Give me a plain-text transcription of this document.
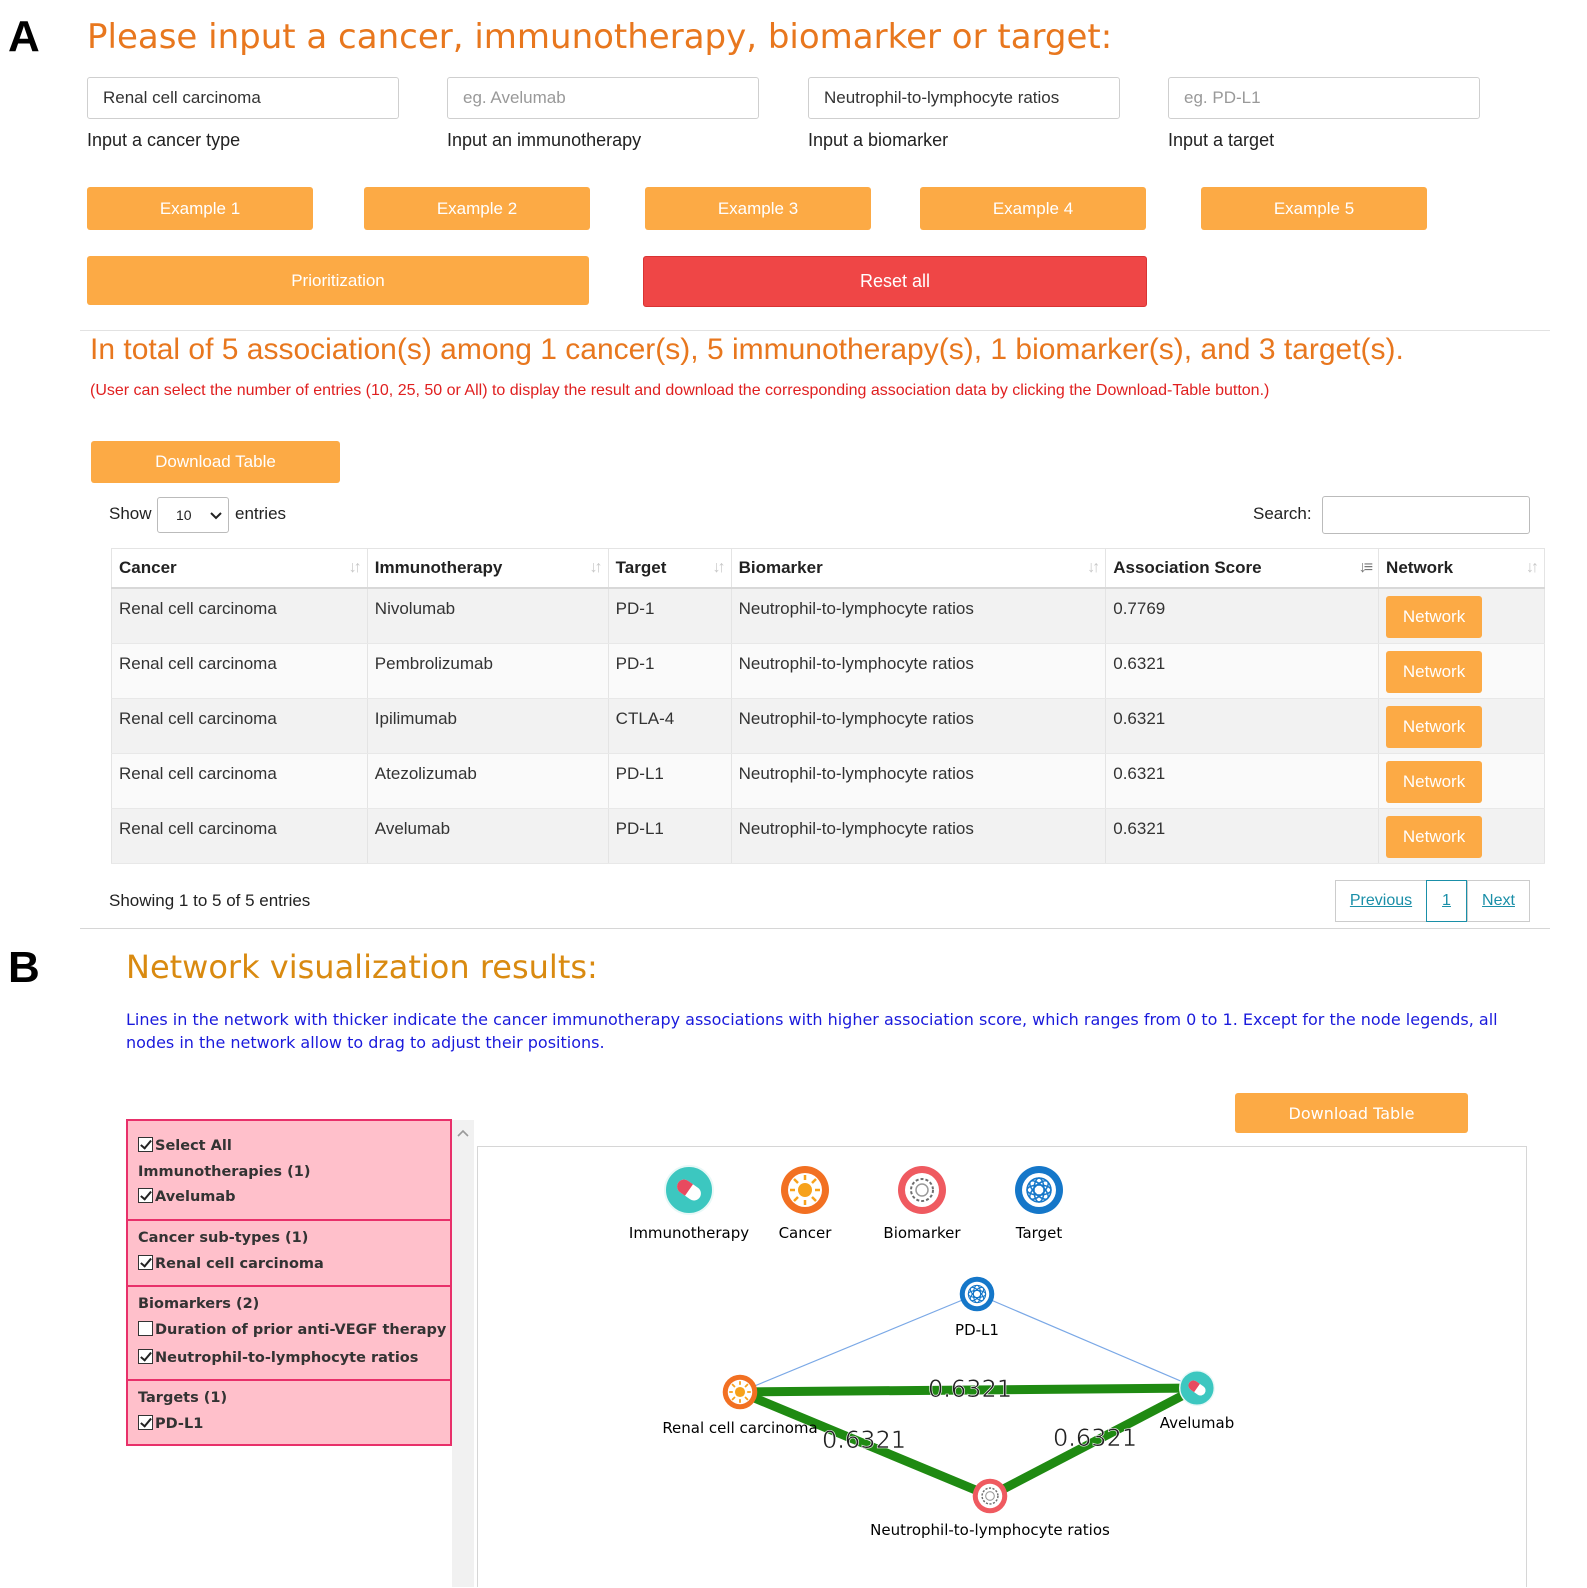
A Please input a cancer, immunotherapy, biomarker or target:
Renal cell carcinoma
eg. Avelumab
Neutrophil-to-lymphocyte ratios
eg. PD-L1
Input a cancer type	Input an immunotherapy	Input a biomarker	Input a target
Example 1	Example 2	Example 3	Example 4	Example 5
Prioritization	Reset all
In total of 5 association(s) among 1 cancer(s), 5 immunotherapy(s), 1 biomarker(s), and 3 target(s).
(User can select the number of entries (10, 25, 50 or All) to display the result and download the corresponding association data by clicking the Download-Table button.)
Download Table
Show 10	entries	Search:
Cancer ↓↑	Immunotherapy ↓↑	Target ↓↑	Biomarker ↓↑	Association Score ↓≡	Network ↓↑

Renal cell carcinoma	Nivolumab	PD-1	Neutrophil-to-lymphocyte ratios	0.7769	Network
Renal cell carcinoma	Pembrolizumab	PD-1	Neutrophil-to-lymphocyte ratios	0.6321	Network
Renal cell carcinoma	Ipilimumab	CTLA-4	Neutrophil-to-lymphocyte ratios	0.6321	Network
Renal cell carcinoma	Atezolizumab	PD-L1	Neutrophil-to-lymphocyte ratios	0.6321	Network
Renal cell carcinoma	Avelumab	PD-L1	Neutrophil-to-lymphocyte ratios	0.6321	Network
Showing 1 to 5 of 5 entries	Previous	1	Next
B	Network visualization results:
Lines in the network with thicker indicate the cancer immunotherapy associations with higher association score, which ranges from 0 to 1. Except for the node legends, all
nodes in the network allow to drag to adjust their positions.
Download Table
Select All
Immunotherapies (1)
Avelumab
Cancer sub-types (1)
Renal cell carcinoma
Biomarkers (2)
Duration of prior anti-VEGF therapy
Neutrophil-to-lymphocyte ratios
Targets (1)
PD-L1
Immunotherapy Cancer	Biomarker	Target
0.6321
0.6321	0.6321
PD-L1
Renal cell carcinoma	Avelumab
Neutrophil-to-lymphocyte ratios
